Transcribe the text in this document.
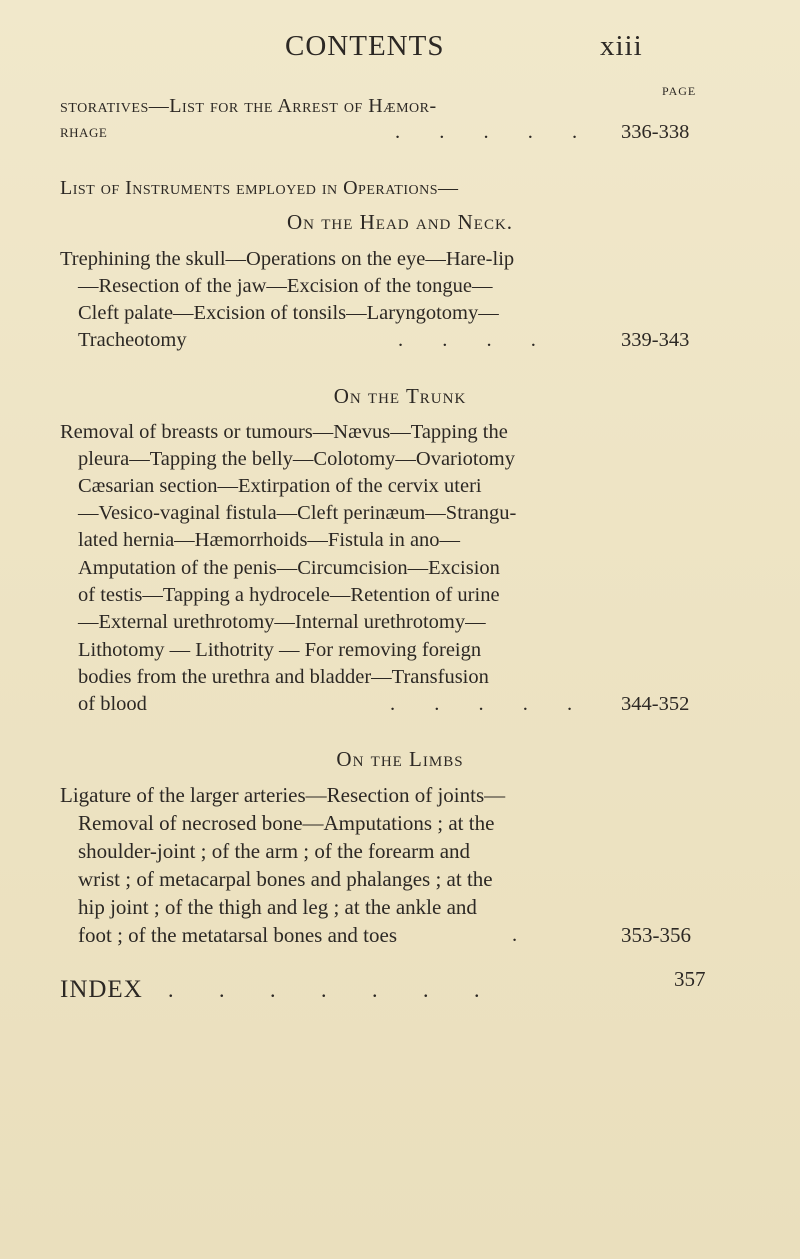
CONTENTS	xiii
PAGE
storatives—List for the Arrest of Hæmor-
rhage	. . . . . 336-338
List of Instruments employed in Operations—
On the Head and Neck.
Trephining the skull—Operations on the eye—Hare-lip
—Resection of the jaw—Excision of the tongue—
Cleft palate—Excision of tonsils—Laryngotomy—
Tracheotomy	. . . .	339-343
On the Trunk
Removal of breasts or tumours—Nævus—Tapping the
pleura—Tapping the belly—Colotomy—Ovariotomy
Cæsarian section—Extirpation of the cervix uteri
—Vesico-vaginal fistula—Cleft perinæum—Strangu-
lated hernia—Hæmorrhoids—Fistula in ano—
Amputation of the penis—Circumcision—Excision
of testis—Tapping a hydrocele—Retention of urine
—External urethrotomy—Internal urethrotomy—
Lithotomy — Lithotrity — For removing foreign
bodies from the urethra and bladder—Transfusion
of blood	. . . . . 344-352
On the Limbs
Ligature of the larger arteries—Resection of joints—
Removal of necrosed bone—Amputations ; at the
shoulder-joint ; of the arm ; of the forearm and
wrist ; of metacarpal bones and phalanges ; at the
hip joint ; of the thigh and leg ; at the ankle and
foot ; of the metatarsal bones and toes	.	353-356
INDEX . . . . . . .	357
